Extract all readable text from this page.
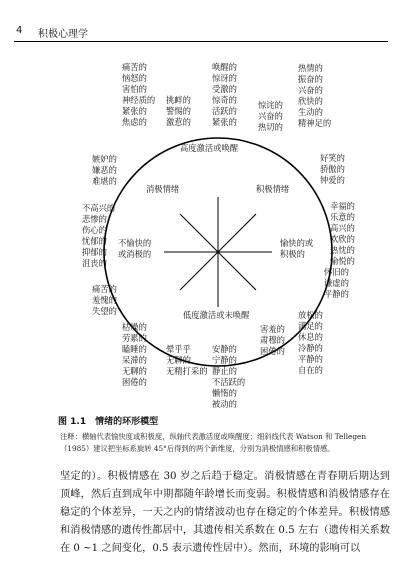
4 积极心理学
高度激活或唤醒
低度激活或未唤醒
消极情绪	积极情绪
不愉快的
或消极的
愉快的或
积极的
痛苦的
恼怒的
害怕的
神经质的
紧张的
焦虑的
挑衅的
警惕的
激惹的
唤醒的
惊讶的
受激的
惊奇的
活跃的
紧张的
惊诧的
兴奋的
热切的
热情的
振奋的
兴奋的
欣快的
生动的
精神足的
好笑的
骄傲的
钟爱的
幸福的
乐意的
高兴的
欢欣的
热忱的
愉悦的
怀旧的
谦虚的
平静的
放松的
满足的
休息的
冷静的
平静的
自在的
害羞的
肃穆的
困倦的
安静的
宁静的
静止的
不活跃的
懒惰的
被动的
晕乎乎
无聊的
无精打采的
枯燥的
劳累的
瞌睡的
呆滞的
无聊的
困倦的
痛苦的
羞愧的
失望的
不高兴的
悲惨的
伤心的
忧郁的
抑郁的
沮丧的
嫉妒的
嫌恶的
难堪的
图 1.1　情绪的环形模型
注释：横轴代表愉快度或积极度，纵轴代表激活度或唤醒度；细斜线代表 Watson 和 Tellegen（1985）建议把坐标系旋转 45°后得到的两个新维度，分别为消极情感和积极情感。
坚定的）。积极情感在 30 岁之后趋于稳定。消极情感在青春期后期达到顶峰，然后直到成年中期都随年龄增长而变弱。积极情感和消极情感存在稳定的个体差异，一天之内的情绪波动也存在稳定的个体差异。积极情感和消极情感的遗传性都居中，其遗传相关系数在 0.5 左右（遗传相关系数在 0 ~1 之间变化，0.5 表示遗传性居中）。然而，环境的影响可以
